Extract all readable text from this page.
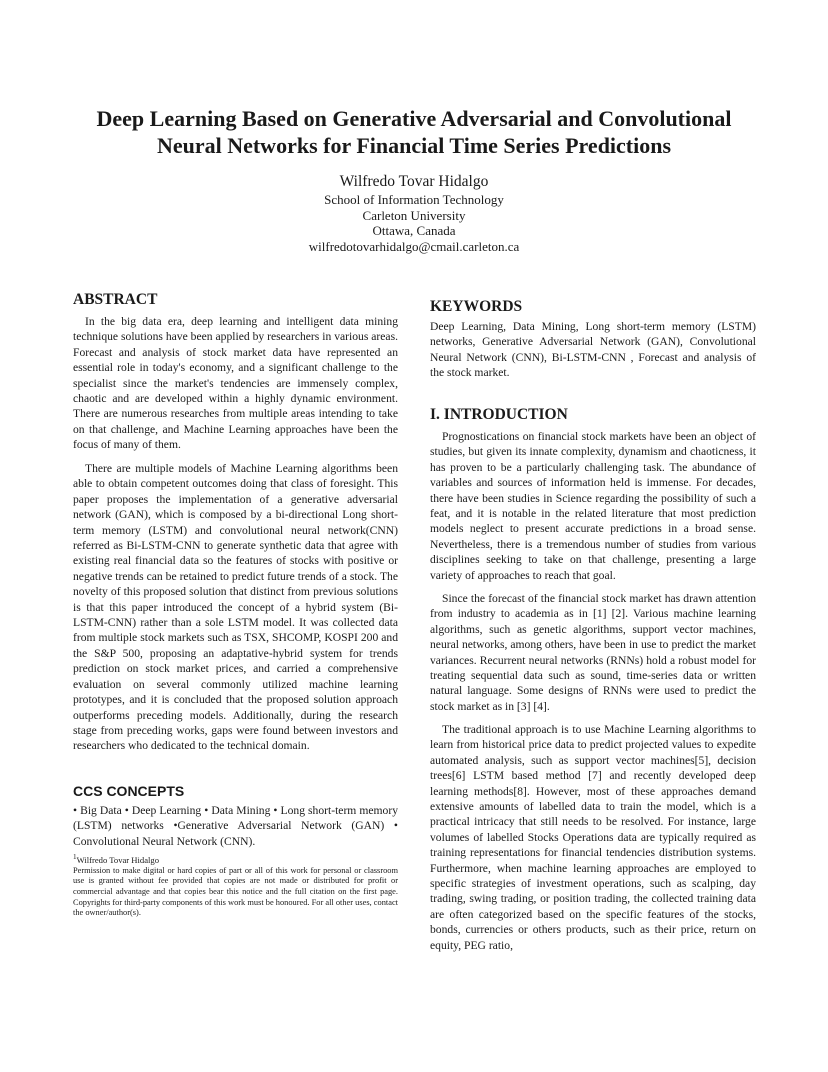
Deep Learning Based on Generative Adversarial and Convolutional
Neural Networks for Financial Time Series Predictions
Wilfredo Tovar Hidalgo
School of Information Technology
Carleton University
Ottawa, Canada
wilfredotovarhidalgo@cmail.carleton.ca
ABSTRACT

In the big data era, deep learning and intelligent data mining technique solutions have been applied by researchers in various areas. Forecast and analysis of stock market data have represented an essential role in today's economy, and a significant challenge to the specialist since the market's tendencies are immensely complex, chaotic and are developed within a highly dynamic environment. There are numerous researches from multiple areas intending to take on that challenge, and Machine Learning approaches have been the focus of many of them.

There are multiple models of Machine Learning algorithms been able to obtain competent outcomes doing that class of foresight. This paper proposes the implementation of a generative adversarial network (GAN), which is composed by a bi-directional Long short-term memory (LSTM) and convolutional neural network(CNN) referred as Bi-LSTM-CNN to generate synthetic data that agree with existing real financial data so the features of stocks with positive or negative trends can be retained to predict future trends of a stock. The novelty of this proposed solution that distinct from previous solutions is that this paper introduced the concept of a hybrid system (Bi-LSTM-CNN) rather than a sole LSTM model. It was collected data from multiple stock markets such as TSX, SHCOMP, KOSPI 200 and the S&P 500, proposing an adaptative-hybrid system for trends prediction on stock market prices, and carried a comprehensive evaluation on several commonly utilized machine learning prototypes, and it is concluded that the proposed solution approach outperforms preceding models. Additionally, during the research stage from preceding works, gaps were found between investors and researchers who dedicated to the technical domain.

CCS CONCEPTS

• Big Data • Deep Learning • Data Mining • Long short-term memory (LSTM) networks •Generative Adversarial Network (GAN) • Convolutional Neural Network (CNN).

$^1$Wilfredo Tovar Hidalgo
Permission to make digital or hard copies of part or all of this work for personal or classroom use is granted without fee provided that copies are not made or distributed for profit or commercial advantage and that copies bear this notice and the full citation on the first page. Copyrights for third-party components of this work must be honoured. For all other uses, contact the owner/author(s).
KEYWORDS

Deep Learning, Data Mining, Long short-term memory (LSTM) networks, Generative Adversarial Network (GAN), Convolutional Neural Network (CNN), Bi-LSTM-CNN , Forecast and analysis of the stock market.

I. INTRODUCTION

Prognostications on financial stock markets have been an object of studies, but given its innate complexity, dynamism and chaoticness, it has proven to be a particularly challenging task. The abundance of variables and sources of information held is immense. For decades, there have been studies in Science regarding the possibility of such a feat, and it is notable in the related literature that most prediction models neglect to present accurate predictions in a broad sense. Nevertheless, there is a tremendous number of studies from various disciplines seeking to take on that challenge, presenting a large variety of approaches to reach that goal.

Since the forecast of the financial stock market has drawn attention from industry to academia as in [1] [2]. Various machine learning algorithms, such as genetic algorithms, support vector machines, neural networks, among others, have been in use to predict the market variances. Recurrent neural networks (RNNs) hold a robust model for treating sequential data such as sound, time-series data or written natural language. Some designs of RNNs were used to predict the stock market as in [3] [4].

The traditional approach is to use Machine Learning algorithms to learn from historical price data to predict projected values to expedite automated analysis, such as support vector machines[5], decision trees[6] LSTM based method [7] and recently developed deep learning methods[8]. However, most of these approaches demand extensive amounts of labelled data to train the model, which is a practical intricacy that still needs to be resolved. For instance, large volumes of labelled Stocks Operations data are typically required as training representations for financial tendencies distribution systems. Furthermore, when machine learning approaches are employed to specific strategies of investment operations, such as scalping, day trading, swing trading, or position trading, the collected training data are often categorized based on the specific features of the stocks, bonds, currencies or others products, such as their price, return on equity, PEG ratio,
